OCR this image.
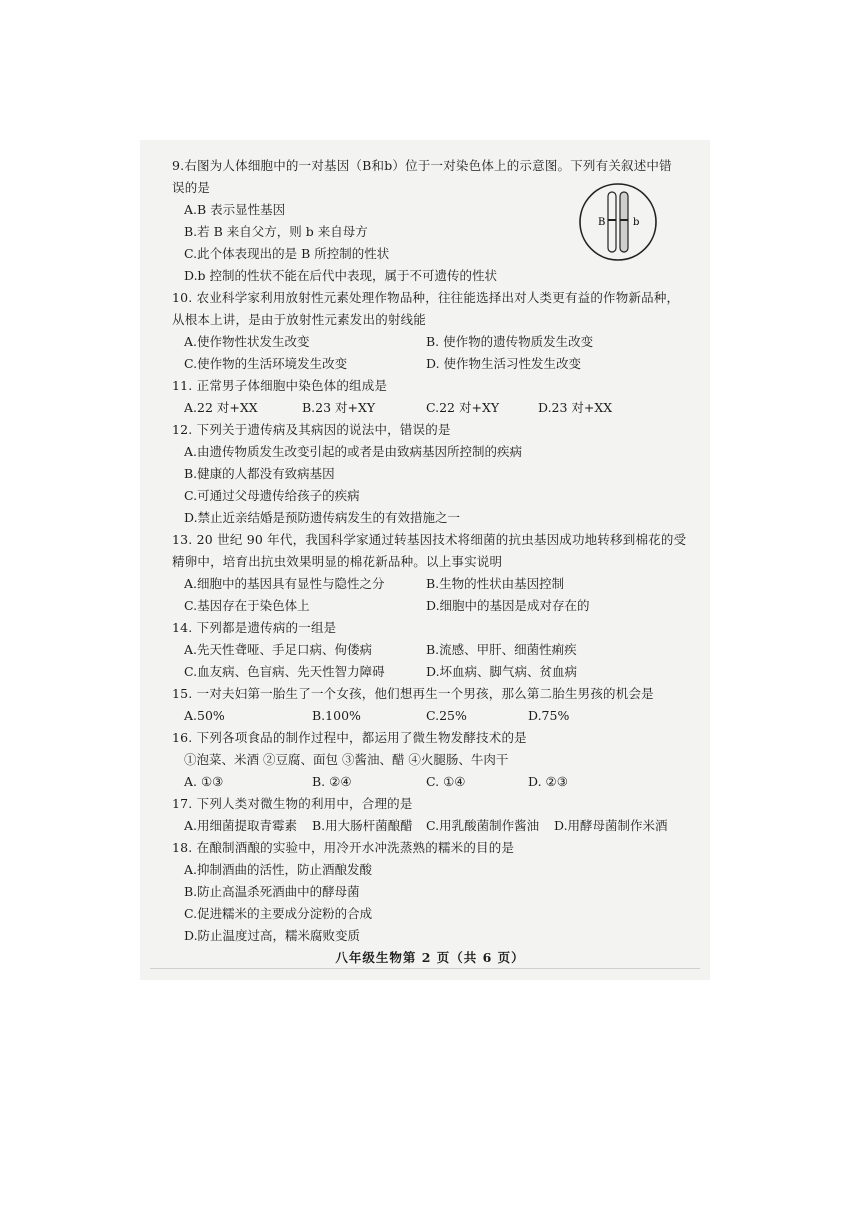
9.右图为人体细胞中的一对基因（B和b）位于一对染色体上的示意图。下列有关叙述中错
误的是
A.B 表示显性基因
B.若 B 来自父方，则 b 来自母方
C.此个体表现出的是 B 所控制的性状
D.b 控制的性状不能在后代中表现，属于不可遗传的性状
B	b
10. 农业科学家利用放射性元素处理作物品种，往往能选择出对人类更有益的作物新品种，
从根本上讲，是由于放射性元素发出的射线能
A.使作物性状发生改变	B. 使作物的遗传物质发生改变
C.使作物的生活环境发生改变	D. 使作物生活习性发生改变
11. 正常男子体细胞中染色体的组成是
A.22 对+XX	B.23 对+XY	C.22 对+XY	D.23 对+XX
12. 下列关于遗传病及其病因的说法中，错误的是
A.由遗传物质发生改变引起的或者是由致病基因所控制的疾病
B.健康的人都没有致病基因
C.可通过父母遗传给孩子的疾病
D.禁止近亲结婚是预防遗传病发生的有效措施之一
13. 20 世纪 90 年代，我国科学家通过转基因技术将细菌的抗虫基因成功地转移到棉花的受
精卵中，培育出抗虫效果明显的棉花新品种。以上事实说明
A.细胞中的基因具有显性与隐性之分	B.生物的性状由基因控制
C.基因存在于染色体上	D.细胞中的基因是成对存在的
14. 下列都是遗传病的一组是
A.先天性聋哑、手足口病、佝偻病	B.流感、甲肝、细菌性痢疾
C.血友病、色盲病、先天性智力障碍	D.坏血病、脚气病、贫血病
15. 一对夫妇第一胎生了一个女孩，他们想再生一个男孩，那么第二胎生男孩的机会是
A.50%	B.100%	C.25%	D.75%
16. 下列各项食品的制作过程中，都运用了微生物发酵技术的是
①泡菜、米酒 ②豆腐、面包 ③酱油、醋 ④火腿肠、牛肉干
A. ①③	B. ②④	C. ①④	D. ②③
17. 下列人类对微生物的利用中，合理的是
A.用细菌提取青霉素 B.用大肠杆菌酿醋 C.用乳酸菌制作酱油 D.用酵母菌制作米酒
18. 在酿制酒酿的实验中，用冷开水冲洗蒸熟的糯米的目的是
A.抑制酒曲的活性，防止酒酿发酸
B.防止高温杀死酒曲中的酵母菌
C.促进糯米的主要成分淀粉的合成
D.防止温度过高，糯米腐败变质
八年级生物第 2 页（共 6 页）
